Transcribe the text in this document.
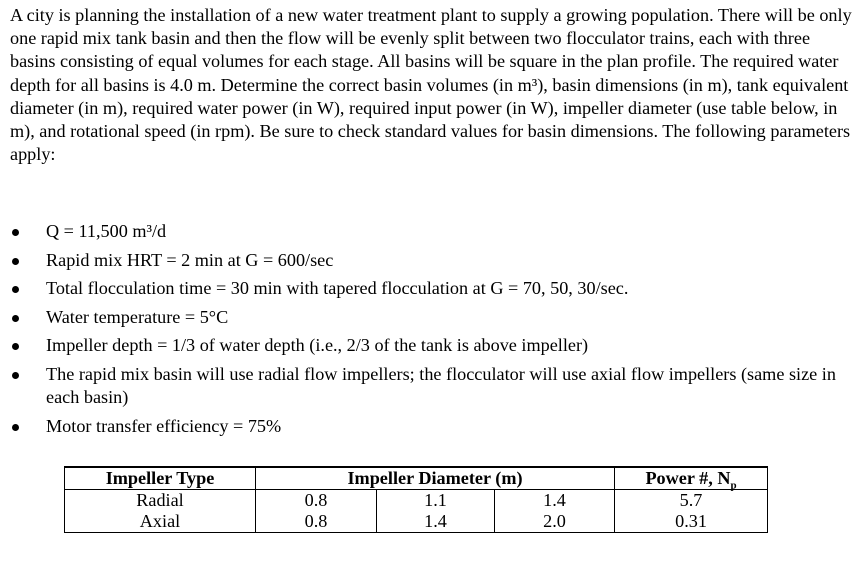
A city is planning the installation of a new water treatment plant to supply a growing population. There will be only one rapid mix tank basin and then the flow will be evenly split between two flocculator trains, each with three basins consisting of equal volumes for each stage. All basins will be square in the plan profile. The required water depth for all basins is 4.0 m. Determine the correct basin volumes (in m³), basin dimensions (in m), tank equivalent diameter (in m), required water power (in W), required input power (in W), impeller diameter (use table below, in m), and rotational speed (in rpm). Be sure to check standard values for basin dimensions. The following parameters apply:

Q = 11,500 m³/d
Rapid mix HRT = 2 min at G = 600/sec
Total flocculation time = 30 min with tapered flocculation at G = 70, 50, 30/sec.
Water temperature = 5°C
Impeller depth = 1/3 of water depth (i.e., 2/3 of the tank is above impeller)
The rapid mix basin will use radial flow impellers; the flocculator will use axial flow impellers (same size in each basin)
Motor transfer efficiency = 75%
Impeller Type	Impeller Diameter (m)			Power #, $N_p$
Radial	0.8	1.1	1.4	5.7
Axial	0.8	1.4	2.0	0.31
